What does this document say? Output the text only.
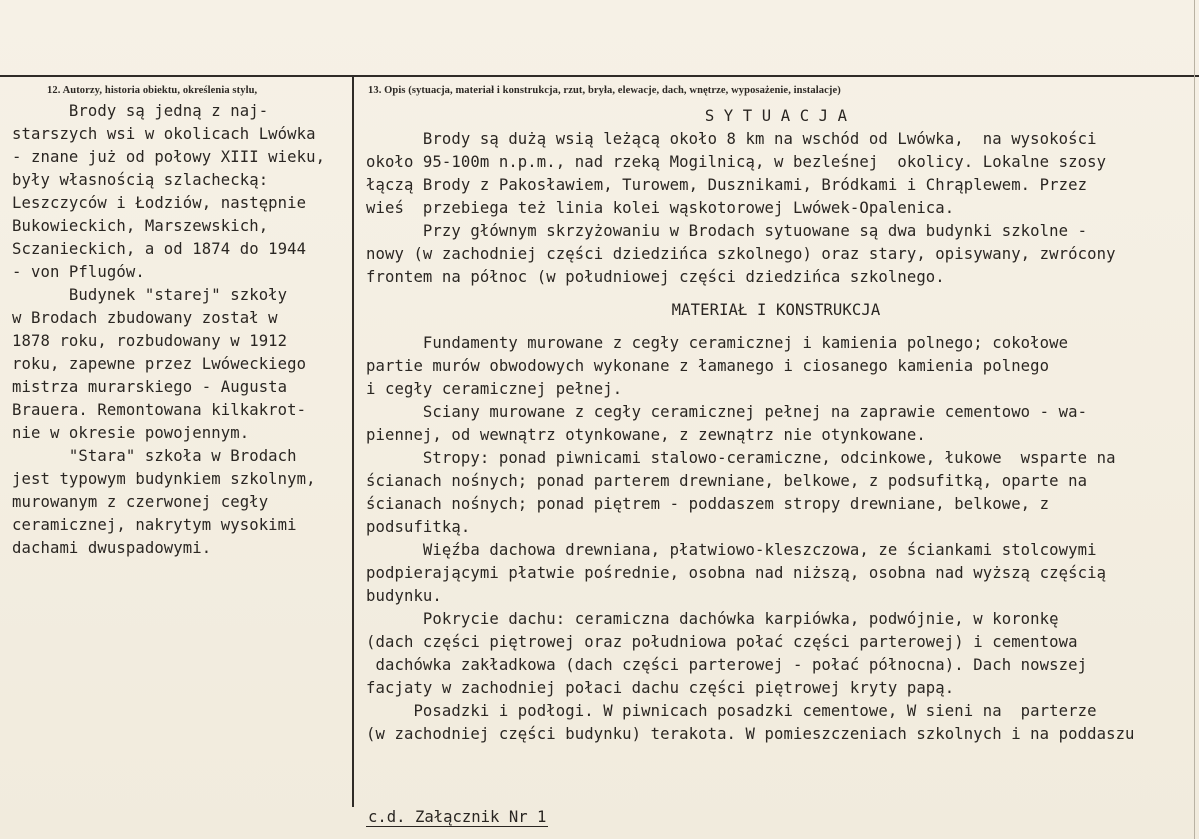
12. Autorzy, historia obiektu, określenia stylu,	13. Opis (sytuacja, materiał i konstrukcja, rzut, bryła, elewacje, dach, wnętrze, wyposażenie, instalacje)
Brody są jedną z naj-
starszych wsi w okolicach Lwówka
- znane już od połowy XIII wieku,
były własnością szlachecką:
Leszczyców i Łodziów, następnie
Bukowieckich, Marszewskich,
Sczanieckich, a od 1874 do 1944
- von Pflugów.
Budynek "starej" szkoły
w Brodach zbudowany został w
1878 roku, rozbudowany w 1912
roku, zapewne przez Lwóweckiego
mistrza murarskiego - Augusta
Brauera. Remontowana kilkakrot-
nie w okresie powojennym.
"Stara" szkoła w Brodach
jest typowym budynkiem szkolnym,
murowanym z czerwonej cegły
ceramicznej, nakrytym wysokimi
dachami dwuspadowymi.
S Y T U A C J A
Brody są dużą wsią leżącą około 8 km na wschód od Lwówka,  na wysokości
około 95-100m n.p.m., nad rzeką Mogilnicą, w bezleśnej  okolicy. Lokalne szosy
łączą Brody z Pakosławiem, Turowem, Dusznikami, Bródkami i Chrąplewem. Przez
wieś  przebiega też linia kolei wąskotorowej Lwówek-Opalenica.
Przy głównym skrzyżowaniu w Brodach sytuowane są dwa budynki szkolne -
nowy (w zachodniej części dziedzińca szkolnego) oraz stary, opisywany, zwrócony
frontem na północ (w południowej części dziedzińca szkolnego.
MATERIAŁ I KONSTRUKCJA
Fundamenty murowane z cegły ceramicznej i kamienia polnego; cokołowe
partie murów obwodowych wykonane z łamanego i ciosanego kamienia polnego
i cegły ceramicznej pełnej.
Sciany murowane z cegły ceramicznej pełnej na zaprawie cementowo - wa-
piennej, od wewnątrz otynkowane, z zewnątrz nie otynkowane.
Stropy: ponad piwnicami stalowo-ceramiczne, odcinkowe, łukowe  wsparte na
ścianach nośnych; ponad parterem drewniane, belkowe, z podsufitką, oparte na
ścianach nośnych; ponad piętrem - poddaszem stropy drewniane, belkowe, z
podsufitką.
Więźba dachowa drewniana, płatwiowo-kleszczowa, ze ściankami stolcowymi
podpierającymi płatwie pośrednie, osobna nad niższą, osobna nad wyższą częścią
budynku.
Pokrycie dachu: ceramiczna dachówka karpiówka, podwójnie, w koronkę
(dach części piętrowej oraz południowa połać części parterowej) i cementowa
dachówka zakładkowa (dach części parterowej - połać północna). Dach nowszej
facjaty w zachodniej połaci dachu części piętrowej kryty papą.
Posadzki i podłogi. W piwnicach posadzki cementowe, W sieni na  parterze
(w zachodniej części budynku) terakota. W pomieszczeniach szkolnych i na poddaszu
c.d. Załącznik Nr 1
